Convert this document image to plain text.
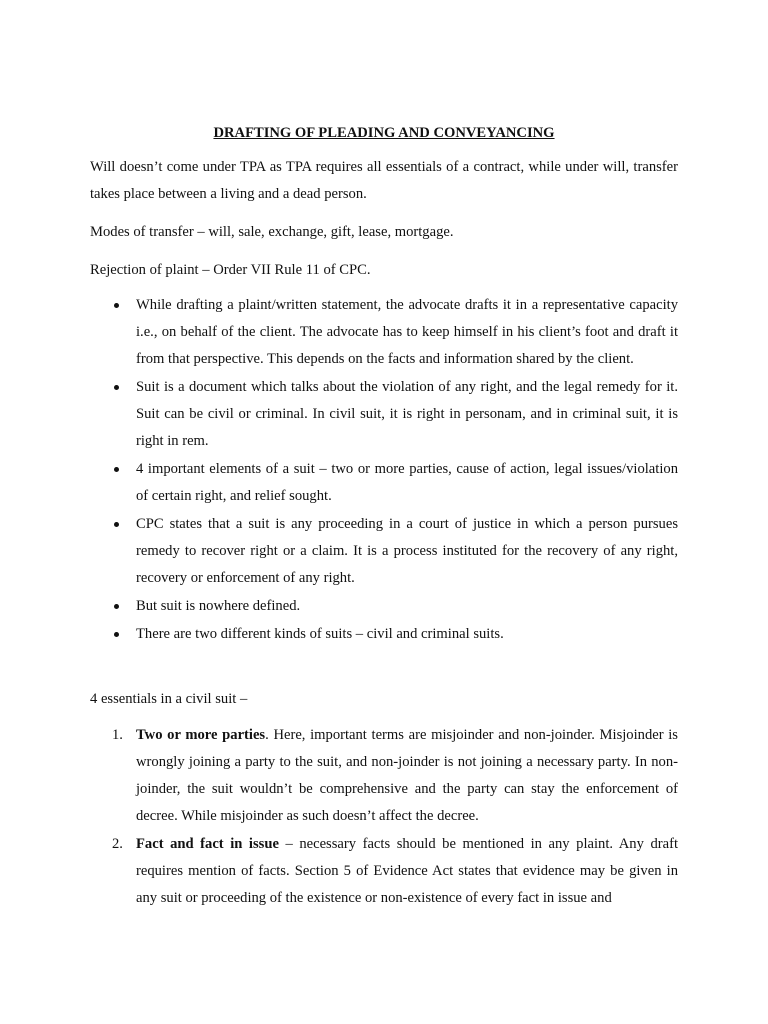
DRAFTING OF PLEADING AND CONVEYANCING

Will doesn’t come under TPA as TPA requires all essentials of a contract, while under will, transfer takes place between a living and a dead person.

Modes of transfer – will, sale, exchange, gift, lease, mortgage.

Rejection of plaint – Order VII Rule 11 of CPC.

While drafting a plaint/written statement, the advocate drafts it in a representative capacity i.e., on behalf of the client. The advocate has to keep himself in his client’s foot and draft it from that perspective. This depends on the facts and information shared by the client.
Suit is a document which talks about the violation of any right, and the legal remedy for it. Suit can be civil or criminal. In civil suit, it is right in personam, and in criminal suit, it is right in rem.
4 important elements of a suit – two or more parties, cause of action, legal issues/violation of certain right, and relief sought.
CPC states that a suit is any proceeding in a court of justice in which a person pursues remedy to recover right or a claim. It is a process instituted for the recovery of any right, recovery or enforcement of any right.
But suit is nowhere defined.
There are two different kinds of suits – civil and criminal suits.

4 essentials in a civil suit –

1. Two or more parties. Here, important terms are misjoinder and non-joinder. Misjoinder is wrongly joining a party to the suit, and non-joinder is not joining a necessary party. In non-joinder, the suit wouldn’t be comprehensive and the party can stay the enforcement of decree. While misjoinder as such doesn’t affect the decree.
2. Fact and fact in issue – necessary facts should be mentioned in any plaint. Any draft requires mention of facts. Section 5 of Evidence Act states that evidence may be given in any suit or proceeding of the existence or non-existence of every fact in issue and
